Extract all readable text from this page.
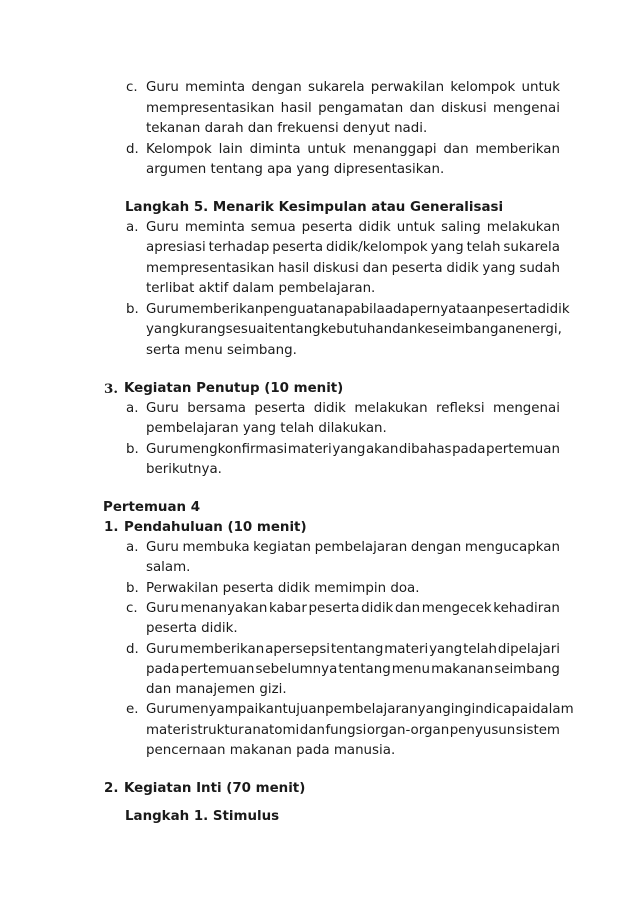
c. Guru meminta dengan sukarela perwakilan kelompok untuk
mempresentasikan hasil pengamatan dan diskusi mengenai
tekanan darah dan frekuensi denyut nadi.
d. Kelompok lain diminta untuk menanggapi dan memberikan
argumen tentang apa yang dipresentasikan.
Langkah 5. Menarik Kesimpulan atau Generalisasi
a. Guru meminta semua peserta didik untuk saling melakukan
apresiasi terhadap peserta didik/kelompok yang telah sukarela
mempresentasikan hasil diskusi dan peserta didik yang sudah
terlibat aktif dalam pembelajaran.
b. Guru memberikan penguatan apabila ada pernyataan peserta didik
yang kurang sesuai tentang kebutuhan dan keseimbangan energi,
serta menu seimbang.
3. Kegiatan Penutup (10 menit)
a. Guru bersama peserta didik melakukan refleksi mengenai
pembelajaran yang telah dilakukan.
b. Guru mengkonfirmasi materi yang akan dibahas pada pertemuan
berikutnya.
Pertemuan 4
1. Pendahuluan (10 menit)
a. Guru membuka kegiatan pembelajaran dengan mengucapkan
salam.
b. Perwakilan peserta didik memimpin doa.
c. Guru menanyakan kabar peserta didik dan mengecek kehadiran
peserta didik.
d. Guru memberikan apersepsi tentang materi yang telah dipelajari
pada pertemuan sebelumnya tentang menu makanan seimbang
dan manajemen gizi.
e. Guru menyampaikan tujuan pembelajaran yang ingin dicapai dalam
materi struktur anatomi dan fungsi organ-organ penyusun sistem
pencernaan makanan pada manusia.
2. Kegiatan Inti (70 menit)
Langkah 1. Stimulus
